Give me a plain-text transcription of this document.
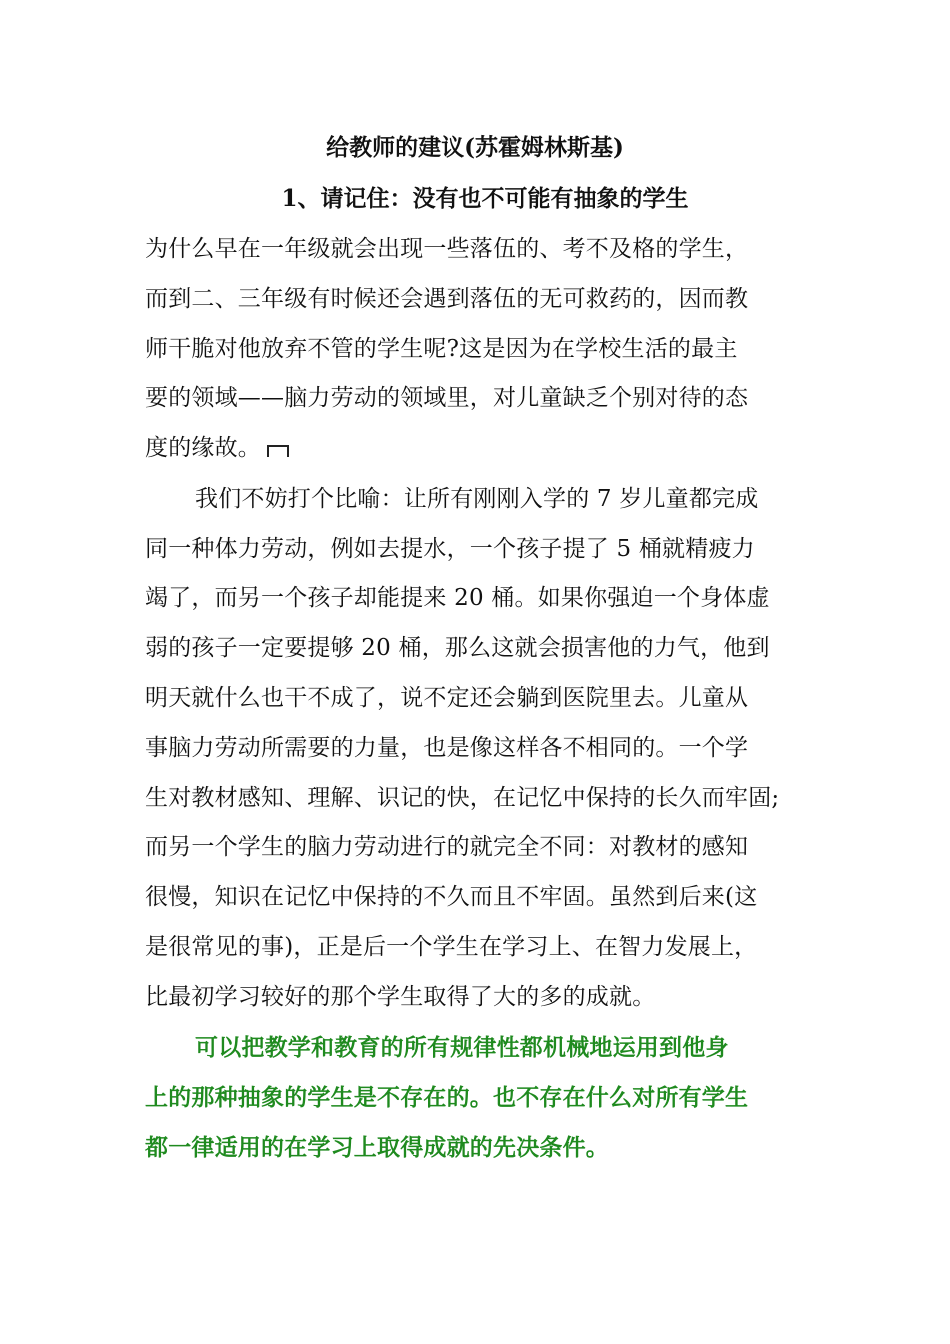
给教师的建议(苏霍姆林斯基)
1、请记住：没有也不可能有抽象的学生
为什么早在一年级就会出现一些落伍的、考不及格的学生，
而到二、三年级有时候还会遇到落伍的无可救药的，因而教
师干脆对他放弃不管的学生呢?这是因为在学校生活的最主
要的领域——脑力劳动的领域里，对儿童缺乏个别对待的态
度的缘故。
我们不妨打个比喻：让所有刚刚入学的 7 岁儿童都完成
同一种体力劳动，例如去提水，一个孩子提了 5 桶就精疲力
竭了，而另一个孩子却能提来 20 桶。如果你强迫一个身体虚
弱的孩子一定要提够 20 桶，那么这就会损害他的力气，他到
明天就什么也干不成了，说不定还会躺到医院里去。儿童从
事脑力劳动所需要的力量，也是像这样各不相同的。一个学
生对教材感知、理解、识记的快，在记忆中保持的长久而牢固;
而另一个学生的脑力劳动进行的就完全不同：对教材的感知
很慢，知识在记忆中保持的不久而且不牢固。虽然到后来(这
是很常见的事)，正是后一个学生在学习上、在智力发展上，
比最初学习较好的那个学生取得了大的多的成就。
可以把教学和教育的所有规律性都机械地运用到他身
上的那种抽象的学生是不存在的。也不存在什么对所有学生
都一律适用的在学习上取得成就的先决条件。
